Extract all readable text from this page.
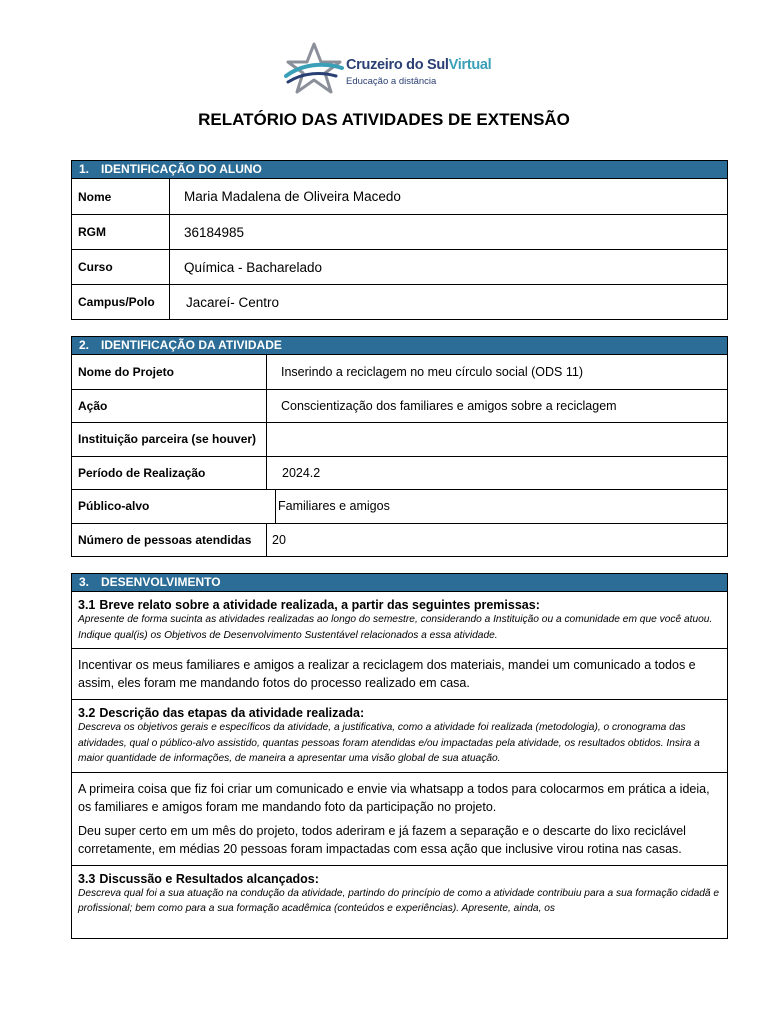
Cruzeiro do SulVirtual
Educação a distância
RELATÓRIO DAS ATIVIDADES DE EXTENSÃO
1. IDENTIFICAÇÃO DO ALUNO
Nome	Maria Madalena de Oliveira Macedo
RGM	36184985
Curso	Química - Bacharelado
Campus/Polo	Jacareí- Centro
2. IDENTIFICAÇÃO DA ATIVIDADE
Nome do Projeto	Inserindo a reciclagem no meu círculo social (ODS 11)
Ação	Conscientização dos familiares e amigos sobre a reciclagem
Instituição parceira (se houver)
Período de Realização	2024.2
Público-alvo	Familiares e amigos
Número de pessoas atendidas	20
3. DESENVOLVIMENTO
3.1 Breve relato sobre a atividade realizada, a partir das seguintes premissas:
Apresente de forma sucinta as atividades realizadas ao longo do semestre, considerando a Instituição ou a comunidade em que você atuou. Indique qual(is) os Objetivos de Desenvolvimento Sustentável relacionados a essa atividade.

Incentivar os meus familiares e amigos a realizar a reciclagem dos materiais, mandei um comunicado a todos e assim, eles foram me mandando fotos do processo realizado em casa.

3.2 Descrição das etapas da atividade realizada:
Descreva os objetivos gerais e específicos da atividade, a justificativa, como a atividade foi realizada (metodologia), o cronograma das atividades, qual o público-alvo assistido, quantas pessoas foram atendidas e/ou impactadas pela atividade, os resultados obtidos. Insira a maior quantidade de informações, de maneira a apresentar uma visão global de sua atuação.

A primeira coisa que fiz foi criar um comunicado e envie via whatsapp a todos para colocarmos em prática a ideia, os familiares e amigos foram me mandando foto da participação no projeto.

Deu super certo em um mês do projeto, todos aderiram e já fazem a separação e o descarte do lixo reciclável corretamente, em médias 20 pessoas foram impactadas com essa ação que inclusive virou rotina nas casas.

3.3 Discussão e Resultados alcançados:
Descreva qual foi a sua atuação na condução da atividade, partindo do princípio de como a atividade contribuiu para a sua formação cidadã e profissional; bem como para a sua formação acadêmica (conteúdos e experiências). Apresente, ainda, os
